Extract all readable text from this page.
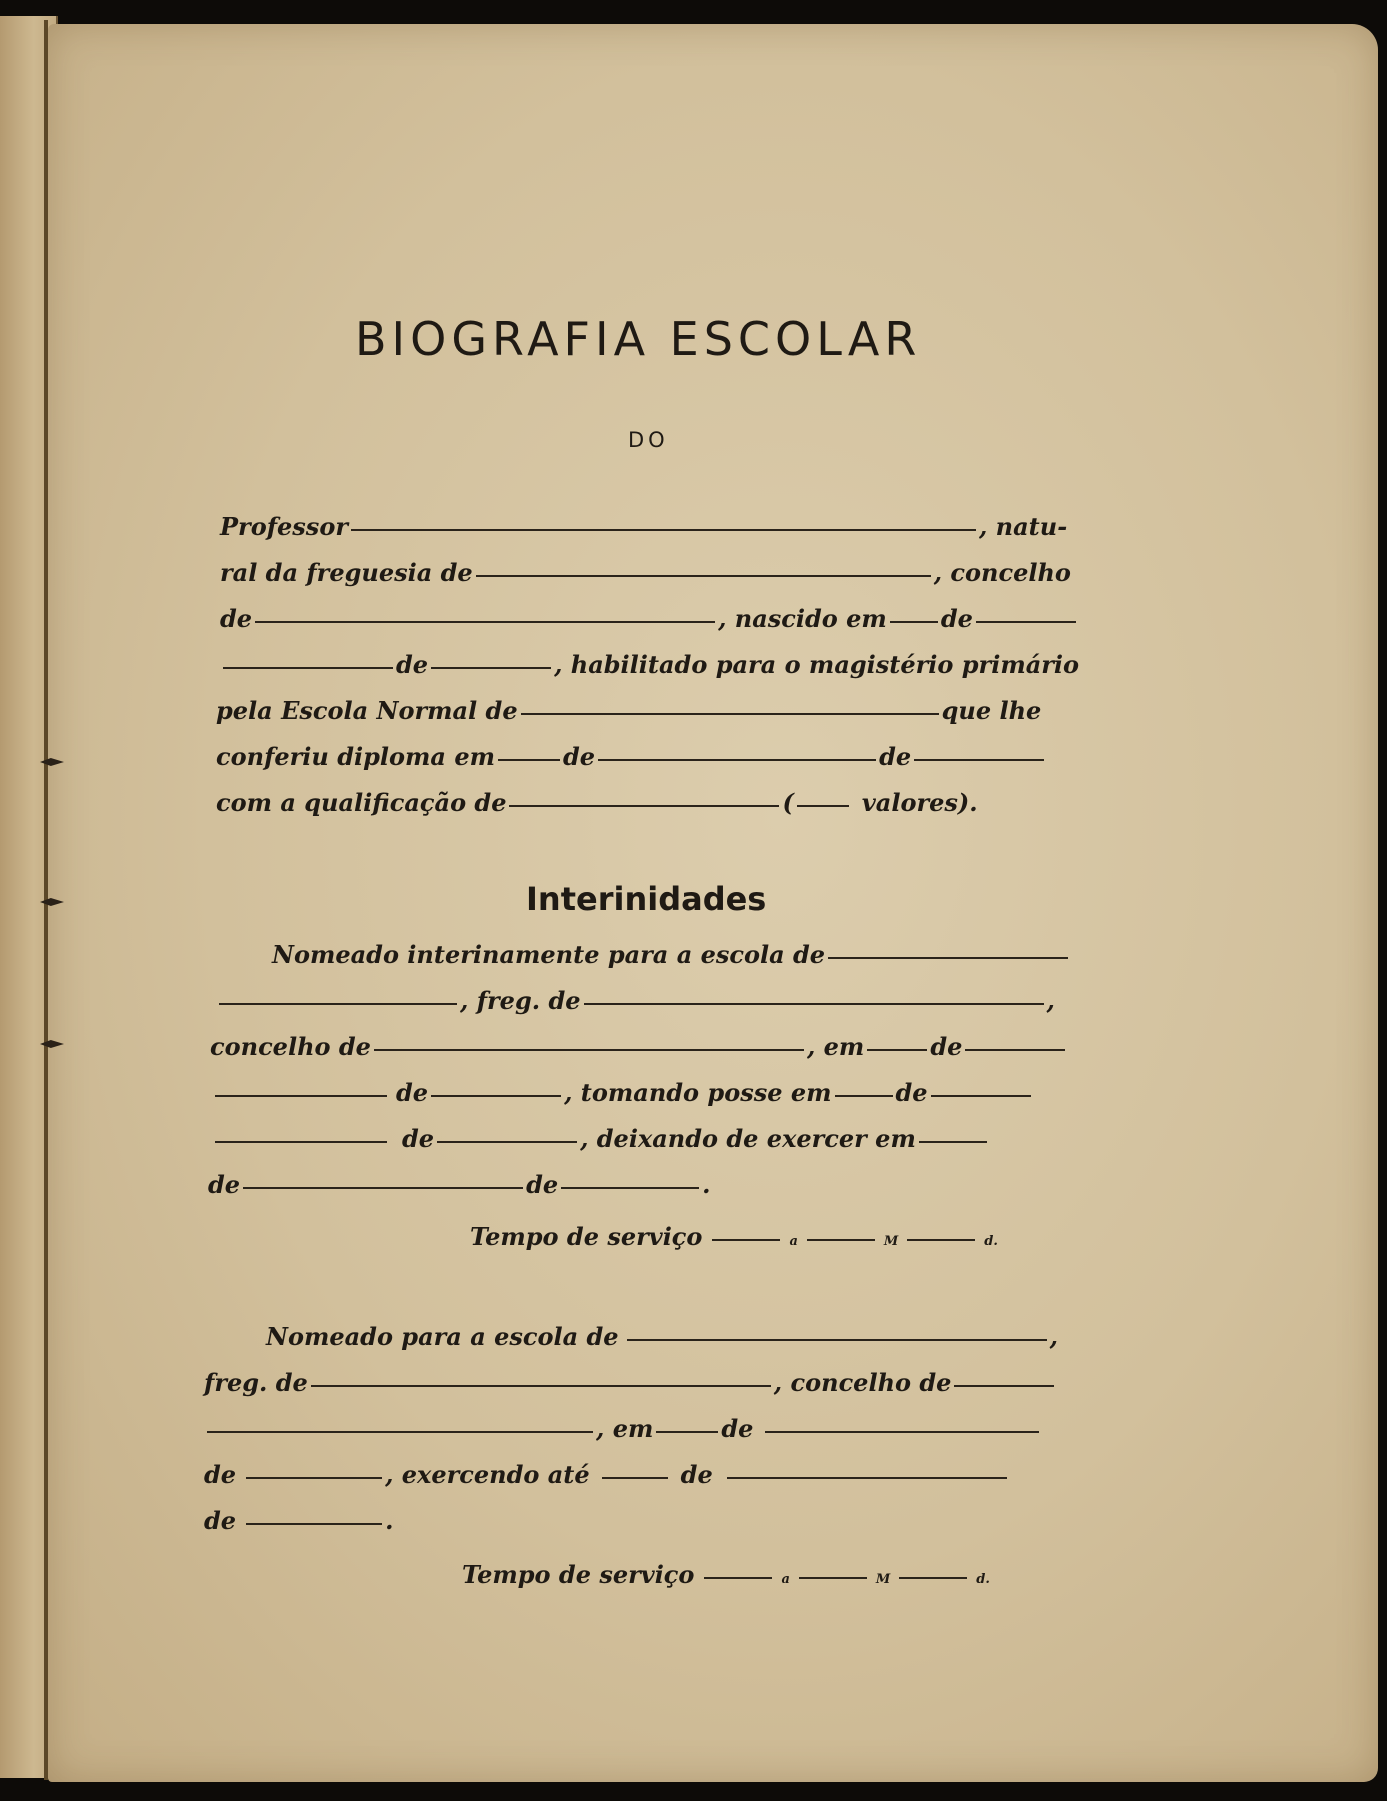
BIOGRAFIA ESCOLAR
DO
Professor	, natu-
ral da freguesia de	, concelho
de	, nascido em de
de	, habilitado para o magistério primário
pela Escola Normal de	que lhe
conferiu diploma em	de	de
com a qualificação de	(	valores).
Interinidades
Nomeado interinamente para a escola de
, freg. de	,
concelho de	, em	de
de	, tomando posse em	de
de	, deixando de exercer em
de	de	.
Tempo de serviço	a	M	d.
Nomeado para a escola de	,
freg. de	, concelho de
, em	de
de	, exercendo até	de
de	.
Tempo de serviço	a	M	d.
